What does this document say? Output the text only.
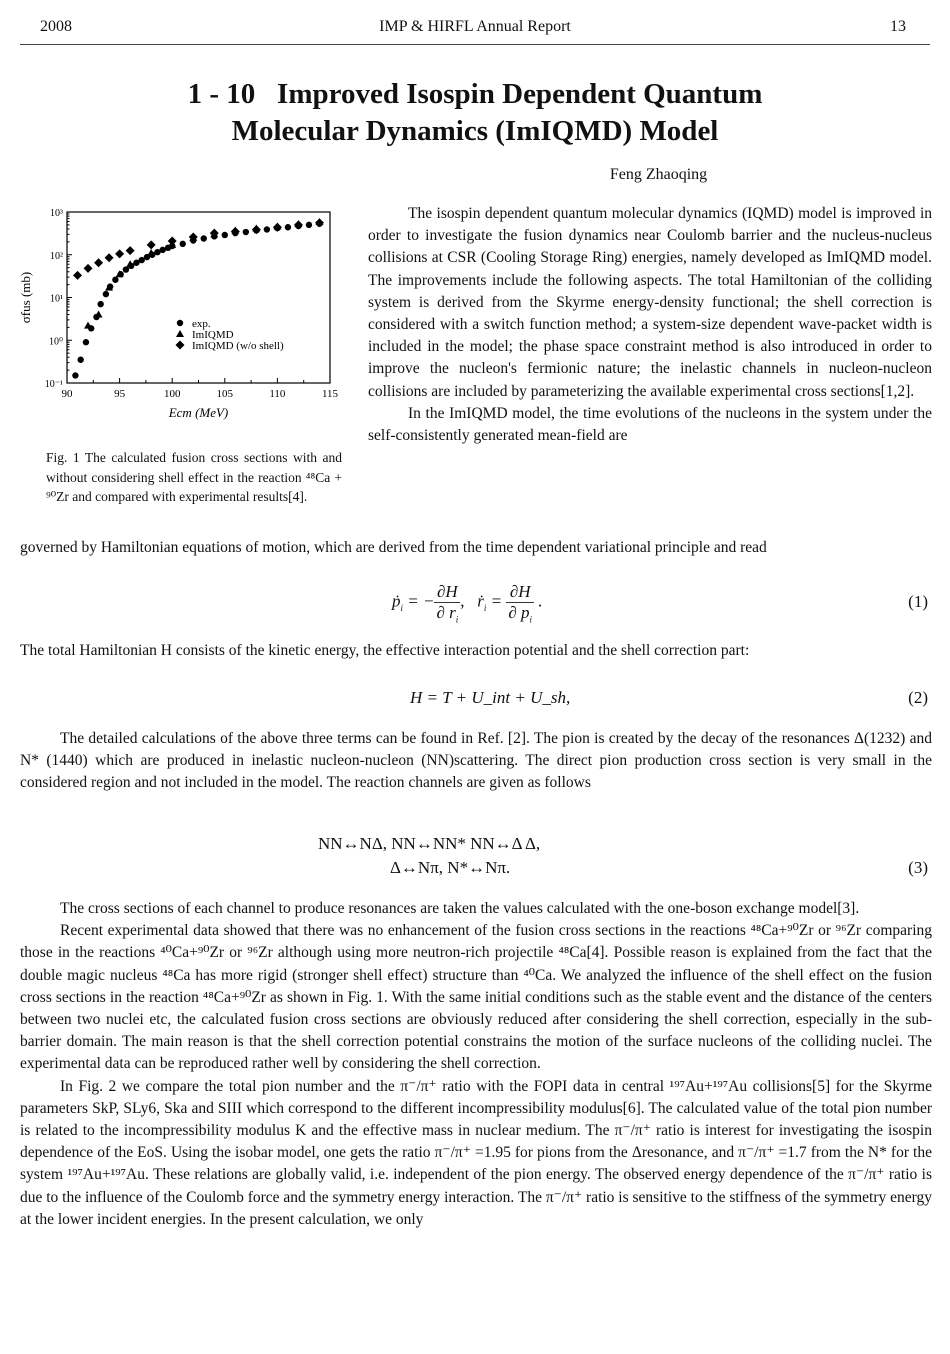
2008	IMP & HIRFL Annual Report	13
1 - 10   Improved Isospin Dependent Quantum
Molecular Dynamics (ImIQMD) Model
Feng Zhaoqing
90	95	100	105	110	115
10⁻¹
10⁰
10¹
10²
10³
Ecm (MeV)
σfus (mb)
exp.
ImIQMD
ImIQMD (w/o shell)
Fig. 1 The calculated fusion cross sections with and without considering shell effect in the reaction ⁴⁸Ca + ⁹⁰Zr and compared with experimental results[4].

The isospin dependent quantum molecular dynamics (IQMD) model is improved in order to investigate the fusion dynamics near Coulomb barrier and the nucleus-nucleus collisions at CSR (Cooling Storage Ring) energies, namely developed as ImIQMD model. The improvements include the following aspects. The total Hamiltonian of the colliding system is derived from the Skyrme energy-density functional; the shell correction is considered with a switch function method; a system-size dependent wave-packet width is included in the model; the phase space constraint method is also introduced in order to improve the nucleon's fermionic nature; the inelastic channels in nucleon-nucleon collisions are included by parameterizing the available experimental cross sections[1,2].

In the ImIQMD model, the time evolutions of the nucleons in the system under the self-consistently generated mean-field are

governed by Hamiltonian equations of motion, which are derived from the time dependent variational principle and read
ṗ$_i$ = − $\frac{\partial H}{\partial r_i}$ ,   ṙ$_i$ = $\frac{\partial H}{\partial p_i}$ .	(1)
The total Hamiltonian H consists of the kinetic energy, the effective interaction potential and the shell correction part:
H = T + U_int + U_sh,	(2)
The detailed calculations of the above three terms can be found in Ref. [2]. The pion is created by the decay of the resonances Δ(1232) and N* (1440) which are produced in inelastic nucleon-nucleon (NN)scattering. The direct pion production cross section is very small in the considered region and not included in the model. The reaction channels are given as follows
NN↔NΔ, NN↔NN* NN↔Δ Δ,
Δ↔Nπ, N*↔Nπ.	(3)

The cross sections of each channel to produce resonances are taken the values calculated with the one-boson exchange model[3].

Recent experimental data showed that there was no enhancement of the fusion cross sections in the reactions ⁴⁸Ca+⁹⁰Zr or ⁹⁶Zr comparing those in the reactions ⁴⁰Ca+⁹⁰Zr or ⁹⁶Zr although using more neutron-rich projectile ⁴⁸Ca[4]. Possible reason is explained from the fact that the double magic nucleus ⁴⁸Ca has more rigid (stronger shell effect) structure than ⁴⁰Ca. We analyzed the influence of the shell effect on the fusion cross sections in the reaction ⁴⁸Ca+⁹⁰Zr as shown in Fig. 1. With the same initial conditions such as the stable event and the distance of the centers between two nuclei etc, the calculated fusion cross sections are obviously reduced after considering the shell correction, especially in the sub-barrier domain. The main reason is that the shell correction potential constrains the motion of the surface nucleons of the colliding nuclei. The experimental data can be reproduced rather well by considering the shell correction.

In Fig. 2 we compare the total pion number and the π⁻/π⁺ ratio with the FOPI data in central ¹⁹⁷Au+¹⁹⁷Au collisions[5] for the Skyrme parameters SkP, SLy6, Ska and SIII which correspond to the different incompressibility modulus[6]. The calculated value of the total pion number is related to the incompressibility modulus K and the effective mass in nuclear medium. The π⁻/π⁺ ratio is interest for investigating the isospin dependence of the EoS. Using the isobar model, one gets the ratio π⁻/π⁺ =1.95 for pions from the Δresonance, and π⁻/π⁺ =1.7 from the N* for the system ¹⁹⁷Au+¹⁹⁷Au. These relations are globally valid, i.e. independent of the pion energy. The observed energy dependence of the π⁻/π⁺ ratio is due to the influence of the Coulomb force and the symmetry energy interaction. The π⁻/π⁺ ratio is sensitive to the stiffness of the symmetry energy at the lower incident energies. In the present calculation, we only
